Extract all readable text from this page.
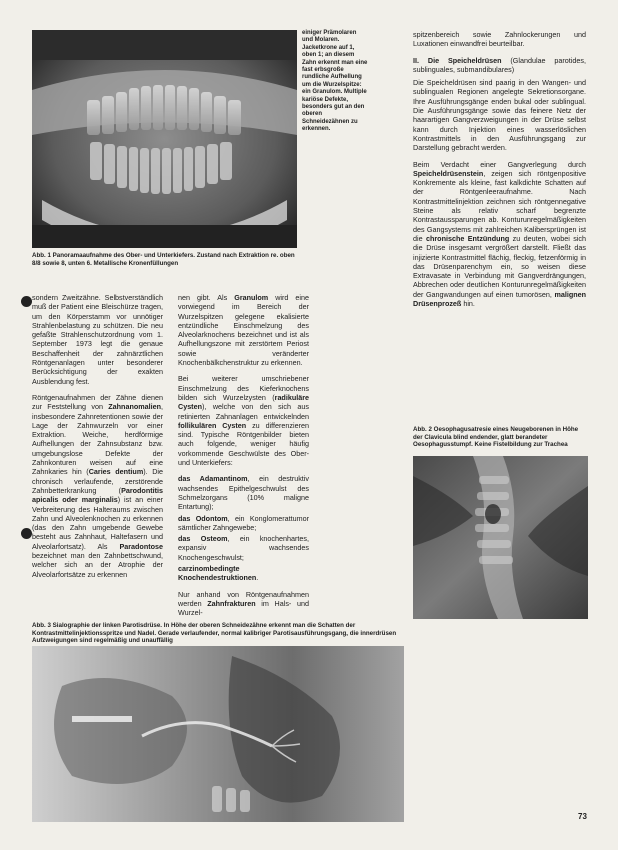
einiger Prämolaren und Molaren. Jacketkrone auf 1, oben 1; an diesem Zahn erkennt man eine fast erbsgroße rundliche Aufhellung um die Wurzelspitze: ein Granulom. Multiple kariöse Defekte, besonders gut an den oberen Schneidezähnen zu erkennen.
Abb. 1 Panoramaaufnahme des Ober- und Unterkiefers. Zustand nach Extraktion re. oben 8/8 sowie 8, unten 6. Metallische Kronenfüllungen

sondern Zweitzähne. Selbstverständlich muß der Patient eine Bleischürze tragen, um den Körperstamm vor unnötiger Strahlenbelastung zu schützen. Die neu gefaßte Strahlenschutzordnung vom 1. September 1973 legt die genaue Beschaffenheit der zahnärztlichen Röntgenanlagen unter besonderer Berücksichtigung der exakten Ausblendung fest.

Röntgenaufnahmen der Zähne dienen zur Feststellung von Zahnanomalien, insbesondere Zahnretentionen sowie der Lage der Zahnwurzeln vor einer Extraktion. Weiche, herdförmige Aufhellungen der Zahnsubstanz bzw. umgebungslose Defekte der Zahnkonturen weisen auf eine Zahnkaries hin (Caries dentium). Die chronisch verlaufende, zerstörende Zahnbetterkrankung (Parodontitis apicalis oder marginalis) ist an einer Verbreiterung des Halteraums zwischen Zahn und Alveolenknochen zu erkennen (das den Zahn umgebende Gewebe besteht aus Zahnhaut, Haltefasern und Alveolarfortsatz). Als Paradontose bezeichnet man den Zahnbettschwund, welcher sich an der Atrophie der Alveolarfortsätze zu erkennen

nen gibt. Als Granulom wird eine vorwiegend im Bereich der Wurzelspitzen gelegene ekalisierte entzündliche Einschmelzung des Alveolarknochens bezeichnet und ist als Aufhellungszone mit zerstörtem Periost sowie veränderter Knochenbälkchenstruktur zu erkennen.

Bei weiterer umschriebener Einschmelzung des Kieferknochens bilden sich Wurzelzysten (radikuläre Cysten), welche von den sich aus retinierten Zahnanlagen entwickelnden follikulären Cysten zu differenzieren sind. Typische Röntgenbilder bieten auch folgende, weniger häufig vorkommende Geschwülste des Ober- und Unterkiefers:

das Adamantinom, ein destruktiv wachsendes Epithelgeschwulst des Schmelzorgans (10% maligne Entartung);

das Odontom, ein Konglomerattumor sämtlicher Zahngewebe;

das Osteom, ein knochenhartes, expansiv wachsendes Knochengeschwulst;

carzinombedingte Knochendestruktionen.

Nur anhand von Röntgenaufnahmen werden Zahnfrakturen im Hals- und Wurzel-

spitzenbereich sowie Zahnlockerungen und Luxationen einwandfrei beurteilbar.

II. Die Speicheldrüsen (Glandulae parotides, sublinguales, submandibulares)

Die Speicheldrüsen sind paarig in den Wangen- und sublingualen Regionen angelegte Sekretionsorgane. Ihre Ausführungsgänge enden bukal oder sublingual. Die Ausführungsgänge sowie das feinere Netz der haarartigen Gangverzweigungen in der Drüse selbst kann durch Injektion eines wasserlöslichen Kontrastmittels in den Ausführungsgang zur Darstellung gebracht werden.

Beim Verdacht einer Gangverlegung durch Speicheldrüsenstein, zeigen sich röntgenpositive Konkremente als kleine, fast kalkdichte Schatten auf der Röntgenleeraufnahme. Nach Kontrastmittelinjektion zeichnen sich röntgennegative Steine als relativ scharf begrenzte Kontrastaussparungen ab. Konturunregelmäßigkeiten des Gangsystems mit zahlreichen Kalibersprüngen ist die chronische Entzündung zu deuten, wobei sich die Drüse insgesamt vergrößert darstellt. Fließt das injizierte Kontrastmittel flächig, fleckig, fetzenförmig in das Drüsenparenchym ein, so weisen diese Extravasate in Verbindung mit Gangverdrängungen, Abbrechen oder deutlichen Konturunregelmäßigkeiten der Gangwandungen auf einen tumorösen, malignen Drüsenprozeß hin.

Abb. 2 Oesophagusatresie eines Neugeborenen in Höhe der Clavicula blind endender, glatt berandeter Oesophagusstumpf. Keine Fistelbildung zur Trachea
Abb. 3 Sialographie der linken Parotisdrüse. In Höhe der oberen Schneidezähne erkennt man die Schatten der Kontrastmittelinjektionsspritze und Nadel. Gerade verlaufender, normal kalibriger Parotisausführungsgang, die innerdrüsen Aufzweigungen sind regelmäßig und unauffällig
73
